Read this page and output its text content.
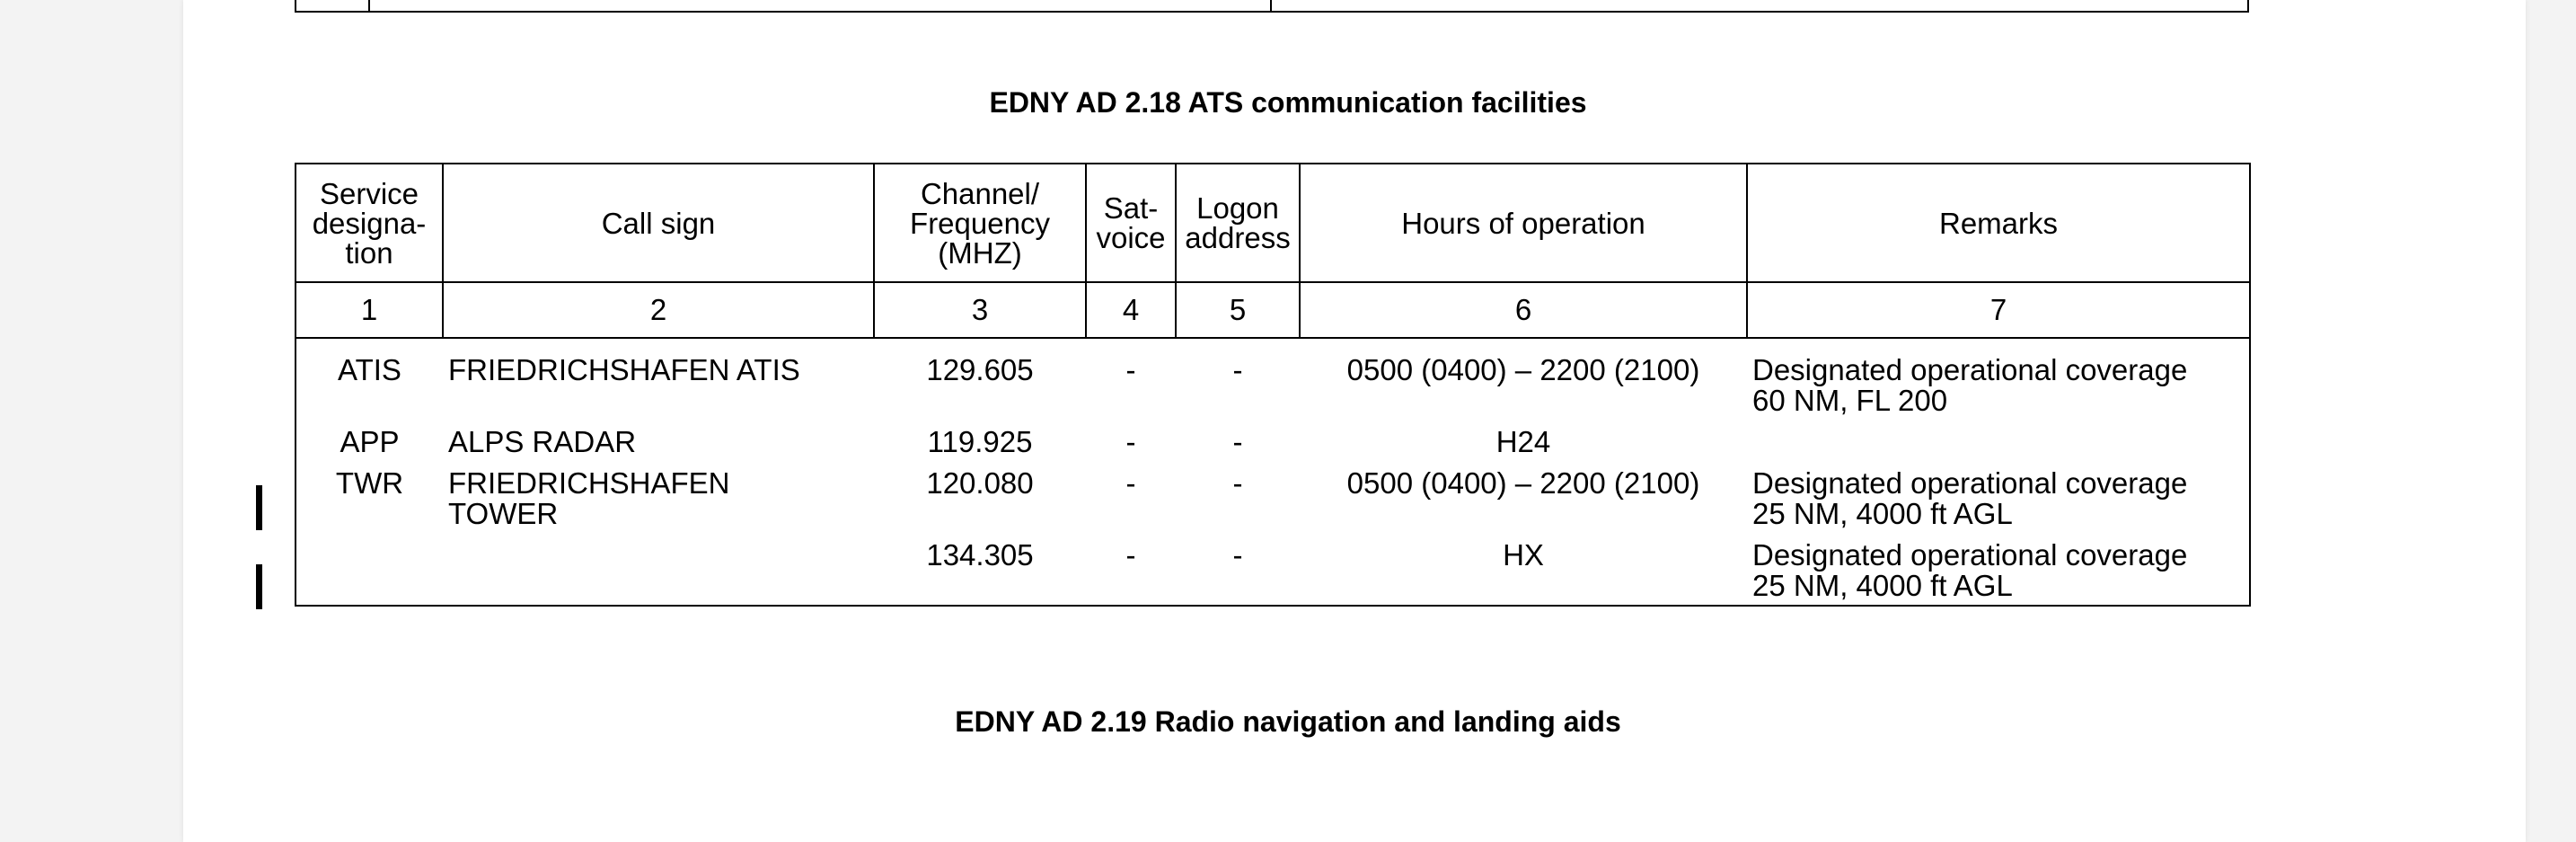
EDNY AD 2.18 ATS communication facilities
Service
designa-
tion	Call sign	Channel/
Frequency
(MHZ)	Sat-
voice	Logon
address	Hours of operation	Remarks
1	2	3	4	5	6	7
ATIS	FRIEDRICHSHAFEN ATIS	129.605	-	-	0500 (0400) – 2200 (2100)	Designated operational coverage
60 NM, FL 200
APP	ALPS RADAR	119.925	-	-	H24	
TWR	FRIEDRICHSHAFEN
TOWER	120.080	-	-	0500 (0400) – 2200 (2100)	Designated operational coverage
25 NM, 4000 ft AGL
		134.305	-	-	HX	Designated operational coverage
25 NM, 4000 ft AGL
EDNY AD 2.19 Radio navigation and landing aids
